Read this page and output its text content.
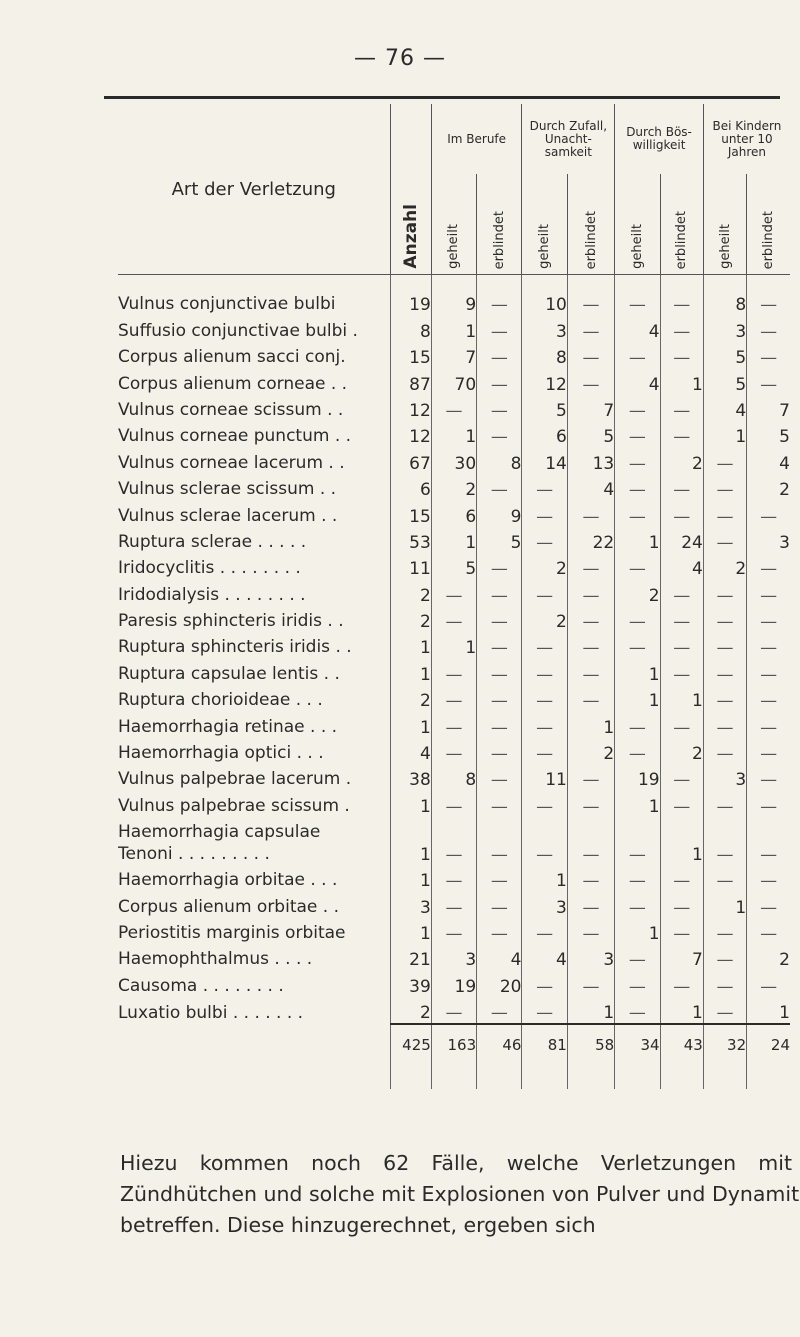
— 76 —
Art der Verletzung	Anzahl	Im Berufe		Durch Zufall, Unacht- samkeit		Durch Bös- willigkeit		Bei Kindern unter 10 Jahren	
		geheilt	erblindet	geheilt	erblindet	geheilt	erblindet	geheilt	erblindet

Vulnus conjunctivae bulbi	19	9	—	10	—	—	—	8	—

Suffusio conjunctivae bulbi .	8	1	—	3	—	4	—	3	—

Corpus alienum sacci conj.	15	7	—	8	—	—	—	5	—

Corpus alienum corneae . .	87	70	—	12	—	4	1	5	—

Vulnus corneae scissum . .	12	—	—	5	7	—	—	4	7

Vulnus corneae punctum . .	12	1	—	6	5	—	—	1	5

Vulnus corneae lacerum . .	67	30	8	14	13	—	2	—	4

Vulnus sclerae scissum . .	6	2	—	—	4	—	—	—	2

Vulnus sclerae lacerum . .	15	6	9	—	—	—	—	—	—

Ruptura sclerae . . . . .	53	1	5	—	22	1	24	—	3

Iridocyclitis . . . . . . . .	11	5	—	2	—	—	4	2	—

Iridodialysis . . . . . . . .	2	—	—	—	—	2	—	—	—

Paresis sphincteris iridis . .	2	—	—	2	—	—	—	—	—

Ruptura sphincteris iridis . .	1	1	—	—	—	—	—	—	—

Ruptura capsulae lentis . .	1	—	—	—	—	1	—	—	—

Ruptura chorioideae . . .	2	—	—	—	—	1	1	—	—

Haemorrhagia retinae . . .	1	—	—	—	1	—	—	—	—

Haemorrhagia optici . . .	4	—	—	—	2	—	2	—	—

Vulnus palpebrae lacerum .	38	8	—	11	—	19	—	3	—

Vulnus palpebrae scissum .	1	—	—	—	—	1	—	—	—

Haemorrhagia capsulae
Tenoni . . . . . . . . .	1	—	—	—	—	—	1	—	—

Haemorrhagia orbitae . . .	1	—	—	1	—	—	—	—	—

Corpus alienum orbitae . .	3	—	—	3	—	—	—	1	—

Periostitis marginis orbitae	1	—	—	—	—	1	—	—	—

Haemophthalmus . . . .	21	3	4	4	3	—	7	—	2

Causoma . . . . . . . .	39	19	20	—	—	—	—	—	—

Luxatio bulbi . . . . . . .	2	—	—	—	1	—	1	—	1
	425	163	46	81	58	34	43	32	24

Hiezu kommen noch 62 Fälle, welche Verletzungen mit
Zündhütchen und solche mit Explosionen von Pulver und Dynamit
betreffen. Diese hinzugerechnet, ergeben sich
